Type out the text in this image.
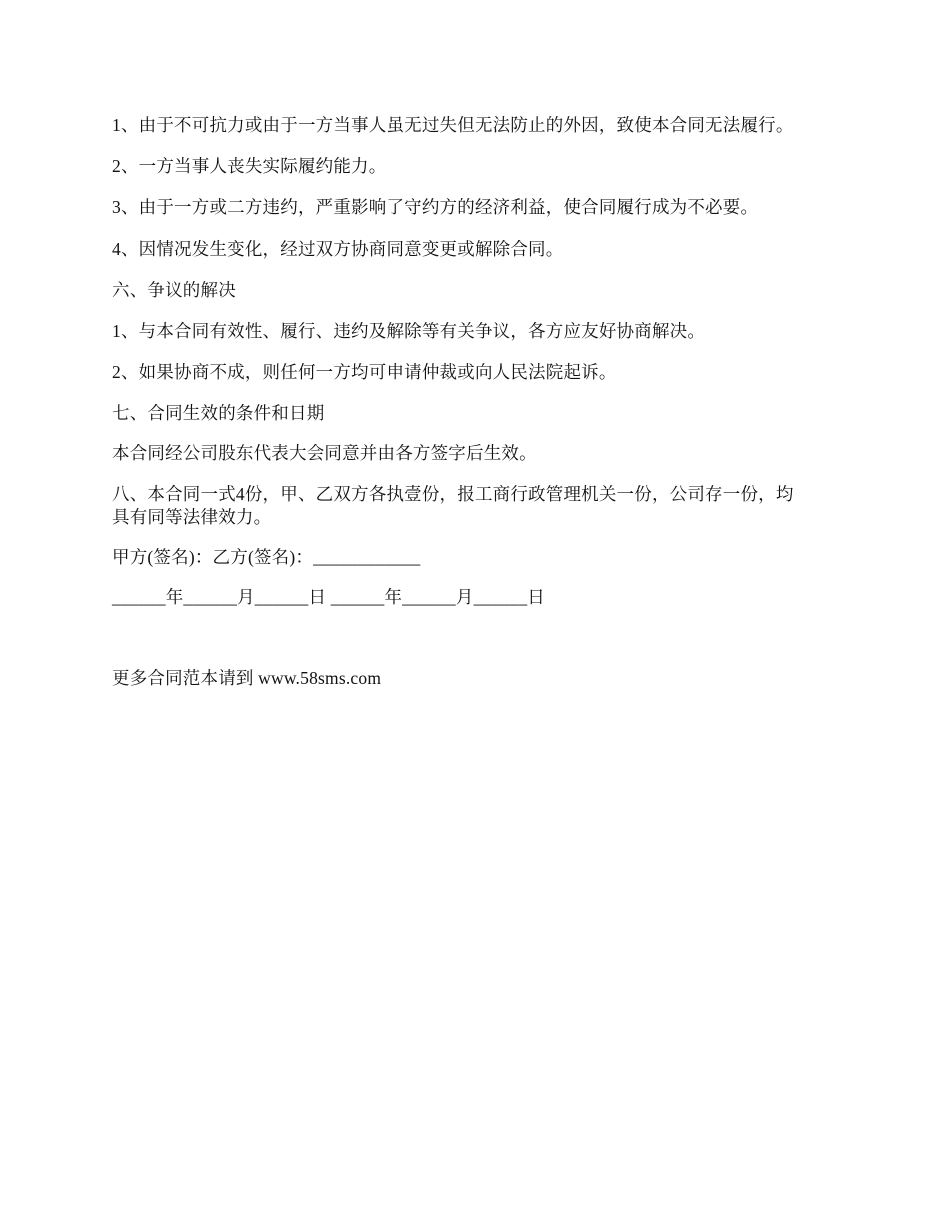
1、由于不可抗力或由于一方当事人虽无过失但无法防止的外因，致使本合同无法履行。
2、一方当事人丧失实际履约能力。
3、由于一方或二方违约，严重影响了守约方的经济利益，使合同履行成为不必要。
4、因情况发生变化，经过双方协商同意变更或解除合同。
六、争议的解决
1、与本合同有效性、履行、违约及解除等有关争议，各方应友好协商解决。
2、如果协商不成，则任何一方均可申请仲裁或向人民法院起诉。
七、合同生效的条件和日期
本合同经公司股东代表大会同意并由各方签字后生效。
八、本合同一式4份，甲、乙双方各执壹份，报工商行政管理机关一份，公司存一份，均
具有同等法律效力。
甲方(签名)：乙方(签名)：____________
______年______月______日 ______年______月______日
更多合同范本请到 www.58sms.com
